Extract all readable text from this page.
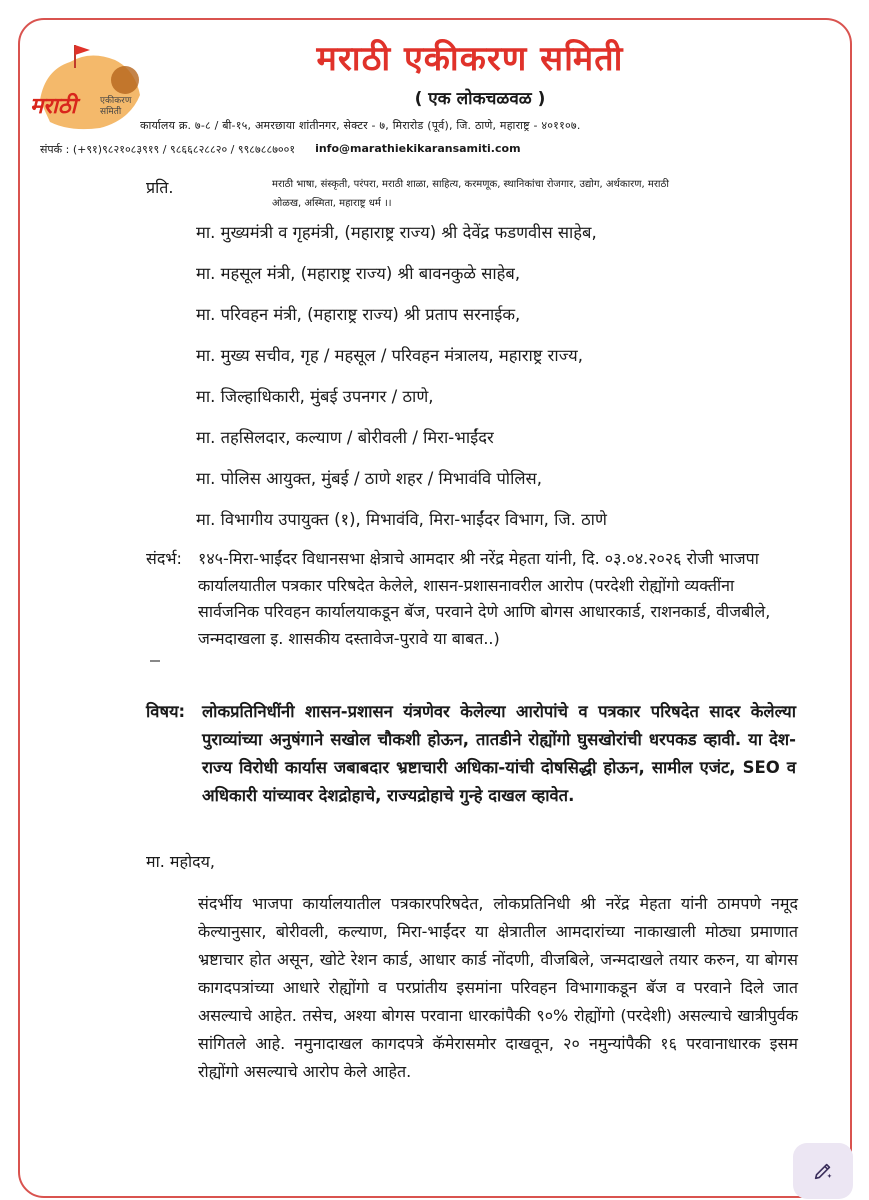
मराठी	एकीकरण समिती
मराठी एकीकरण समिती
( एक लोकचळवळ )
कार्यालय क्र. ७-८ / बी-१५, अमरछाया शांतीनगर, सेक्टर - ७, मिरारोड (पूर्व), जि. ठाणे, महाराष्ट्र - ४०११०७.
संपर्क : (+९१)९८२१०८३९१९ / ९८६६८२८८२० / ९९८७८८७००१ info@marathiekikaransamiti.com
प्रति.	मराठी भाषा, संस्कृती, परंपरा, मराठी शाळा, साहित्य, करमणूक, स्थानिकांचा रोजगार, उद्योग, अर्थकारण, मराठी ओळख, अस्मिता, महाराष्ट्र धर्म ।।
मा. मुख्यमंत्री व गृहमंत्री, (महाराष्ट्र राज्य) श्री देवेंद्र फडणवीस साहेब,
मा. महसूल मंत्री, (महाराष्ट्र राज्य) श्री बावनकुळे साहेब,
मा. परिवहन मंत्री, (महाराष्ट्र राज्य) श्री प्रताप सरनाईक,
मा. मुख्य सचीव, गृह / महसूल / परिवहन मंत्रालय, महाराष्ट्र राज्य,
मा. जिल्हाधिकारी, मुंबई उपनगर / ठाणे,
मा. तहसिलदार, कल्याण / बोरीवली / मिरा-भाईंदर
मा. पोलिस आयुक्त, मुंबई / ठाणे शहर / मिभावंवि पोलिस,
मा. विभागीय उपायुक्त (१), मिभावंवि, मिरा-भाईंदर विभाग, जि. ठाणे
संदर्भ: १४५-मिरा-भाईंदर विधानसभा क्षेत्राचे आमदार श्री नरेंद्र मेहता यांनी, दि. ०३.०४.२०२६ रोजी भाजपा कार्यालयातील पत्रकार परिषदेत केलेले, शासन-प्रशासनावरील आरोप (परदेशी रोह्योंगो व्यक्तींना सार्वजनिक परिवहन कार्यालयाकडून बॅज, परवाने देणे आणि बोगस आधारकार्ड, राशनकार्ड, वीजबीले, जन्मदाखला इ. शासकीय दस्तावेज-पुरावे या बाबत..)
विषय: लोकप्रतिनिधींनी शासन-प्रशासन यंत्रणेवर केलेल्या आरोपांचे व पत्रकार परिषदेत सादर केलेल्या पुराव्यांच्या अनुषंगाने सखोल चौकशी होऊन, तातडीने रोह्योंगो घुसखोरांची धरपकड व्हावी. या देश-राज्य विरोधी कार्यास जबाबदार भ्रष्टाचारी अधिका-यांची दोषसिद्धी होऊन, सामील एजंट, SEO व अधिकारी यांच्यावर देशद्रोहाचे, राज्यद्रोहाचे गुन्हे दाखल व्हावेत.
मा. महोदय,
संदर्भीय भाजपा कार्यालयातील पत्रकारपरिषदेत, लोकप्रतिनिधी श्री नरेंद्र मेहता यांनी ठामपणे नमूद केल्यानुसार, बोरीवली, कल्याण, मिरा-भाईंदर या क्षेत्रातील आमदारांच्या नाकाखाली मोठ्या प्रमाणात भ्रष्टाचार होत असून, खोटे रेशन कार्ड, आधार कार्ड नोंदणी, वीजबिले, जन्मदाखले तयार करुन, या बोगस कागदपत्रांच्या आधारे रोह्योंगो व परप्रांतीय इसमांना परिवहन विभागाकडून बॅज व परवाने दिले जात असल्याचे आहेत. तसेच, अश्या बोगस परवाना धारकांपैकी ९०% रोह्योंगो (परदेशी) असल्याचे खात्रीपुर्वक सांगितले आहे. नमुनादाखल कागदपत्रे कॅमेरासमोर दाखवून, २० नमुन्यांपैकी १६ परवानाधारक इसम रोह्योंगो असल्याचे आरोप केले आहेत.
